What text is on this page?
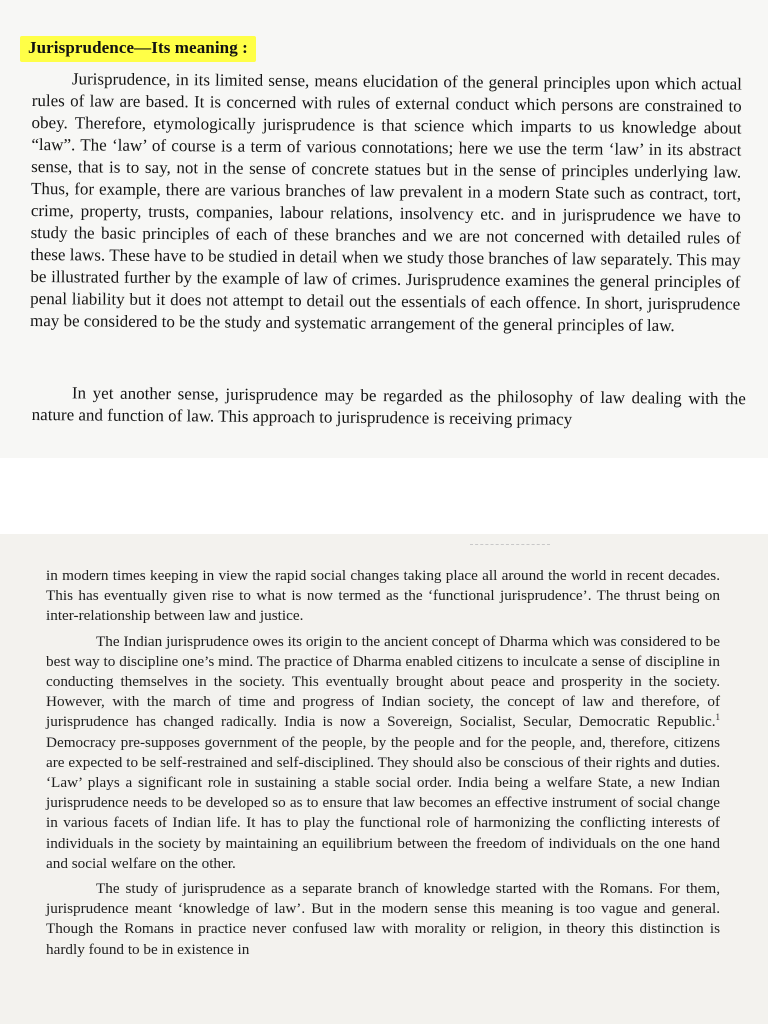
Jurisprudence—Its meaning :

Jurisprudence, in its limited sense, means elucidation of the general principles upon which actual rules of law are based. It is concerned with rules of external conduct which persons are constrained to obey. Therefore, etymologically jurisprudence is that science which imparts to us knowledge about “law”. The ‘law’ of course is a term of various connotations; here we use the term ‘law’ in its abstract sense, that is to say, not in the sense of concrete statues but in the sense of principles underlying law. Thus, for example, there are various branches of law prevalent in a modern State such as contract, tort, crime, property, trusts, companies, labour relations, insolvency etc. and in jurisprudence we have to study the basic principles of each of these branches and we are not concerned with detailed rules of these laws. These have to be studied in detail when we study those branches of law separately. This may be illustrated further by the example of law of crimes. Jurisprudence examines the general principles of penal liability but it does not attempt to detail out the essentials of each offence. In short, jurisprudence may be considered to be the study and systematic arrangement of the general principles of law.

In yet another sense, jurisprudence may be regarded as the philosophy of law dealing with the nature and function of law. This approach to jurisprudence is receiving primacy

in modern times keeping in view the rapid social changes taking place all around the world in recent decades. This has eventually given rise to what is now termed as the ‘functional jurisprudence’. The thrust being on inter-relationship between law and justice.

The Indian jurisprudence owes its origin to the ancient concept of Dharma which was considered to be best way to discipline one’s mind. The practice of Dharma enabled citizens to inculcate a sense of discipline in conducting themselves in the society. This eventually brought about peace and prosperity in the society. However, with the march of time and progress of Indian society, the concept of law and therefore, of jurisprudence has changed radically. India is now a Sovereign, Socialist, Secular, Democratic Republic.$^1$ Democracy pre-supposes government of the people, by the people and for the people, and, therefore, citizens are expected to be self-restrained and self-disciplined. They should also be conscious of their rights and duties. ‘Law’ plays a significant role in sustaining a stable social order. India being a welfare State, a new Indian jurisprudence needs to be developed so as to ensure that law becomes an effective instrument of social change in various facets of Indian life. It has to play the functional role of harmonizing the conflicting interests of individuals in the society by maintaining an equilibrium between the freedom of individuals on the one hand and social welfare on the other.

The study of jurisprudence as a separate branch of knowledge started with the Romans. For them, jurisprudence meant ‘knowledge of law’. But in the modern sense this meaning is too vague and general. Though the Romans in practice never confused law with morality or religion, in theory this distinction is hardly found to be in existence in
